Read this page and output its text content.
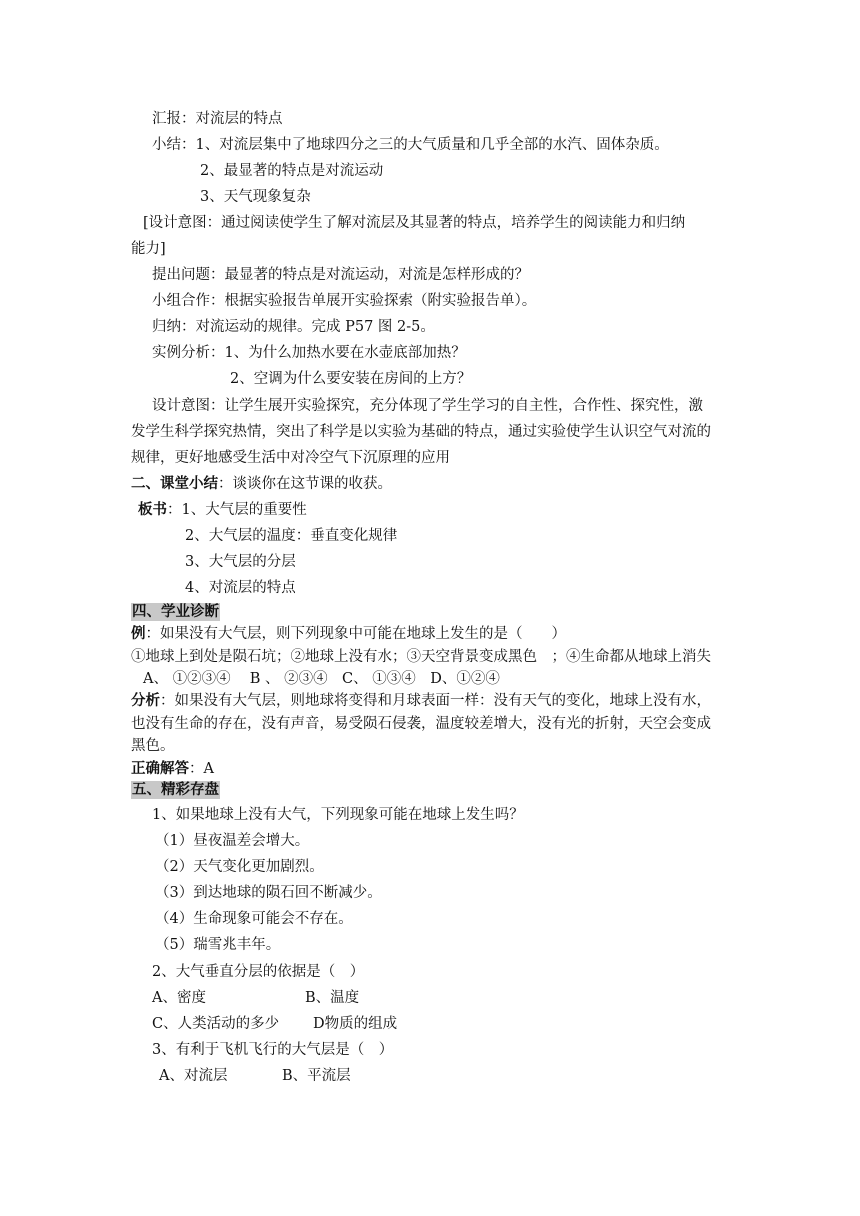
汇报：对流层的特点
小结：1、对流层集中了地球四分之三的大气质量和几乎全部的水汽、固体杂质。
2、最显著的特点是对流运动
3、天气现象复杂
[设计意图：通过阅读使学生了解对流层及其显著的特点，培养学生的阅读能力和归纳
能力]
提出问题：最显著的特点是对流运动，对流是怎样形成的？
小组合作：根据实验报告单展开实验探索（附实验报告单）。
归纳：对流运动的规律。完成 P57 图 2-5。
实例分析：1、为什么加热水要在水壶底部加热？
2、空调为什么要安装在房间的上方？
设计意图：让学生展开实验探究，充分体现了学生学习的自主性，合作性、探究性，激
发学生科学探究热情，突出了科学是以实验为基础的特点，通过实验使学生认识空气对流的
规律，更好地感受生活中对冷空气下沉原理的应用
二、课堂小结：谈谈你在这节课的收获。
板书：1、大气层的重要性
2、大气层的温度：垂直变化规律
3、大气层的分层
4、对流层的特点
四、学业诊断
例：如果没有大气层，则下列现象中可能在地球上发生的是（　　）
①地球上到处是陨石坑；②地球上没有水；③天空背景变成黑色　；④生命都从地球上消失
A、 ①②③④　 B 、 ②③④　C、 ①③④　D、①②④
分析：如果没有大气层，则地球将变得和月球表面一样：没有天气的变化，地球上没有水，
也没有生命的存在，没有声音，易受陨石侵袭，温度较差增大，没有光的折射，天空会变成
黑色。
正确解答：A
五、精彩存盘
1、如果地球上没有大气，下列现象可能在地球上发生吗？
（1）昼夜温差会增大。
（2）天气变化更加剧烈。
（3）到达地球的陨石回不断减少。
（4）生命现象可能会不存在。
（5）瑞雪兆丰年。
2、大气垂直分层的依据是（　）
A、密度	B、温度
C、人类活动的多少 D物质的组成
3、有利于飞机飞行的大气层是（　）
A、对流层	B、平流层
